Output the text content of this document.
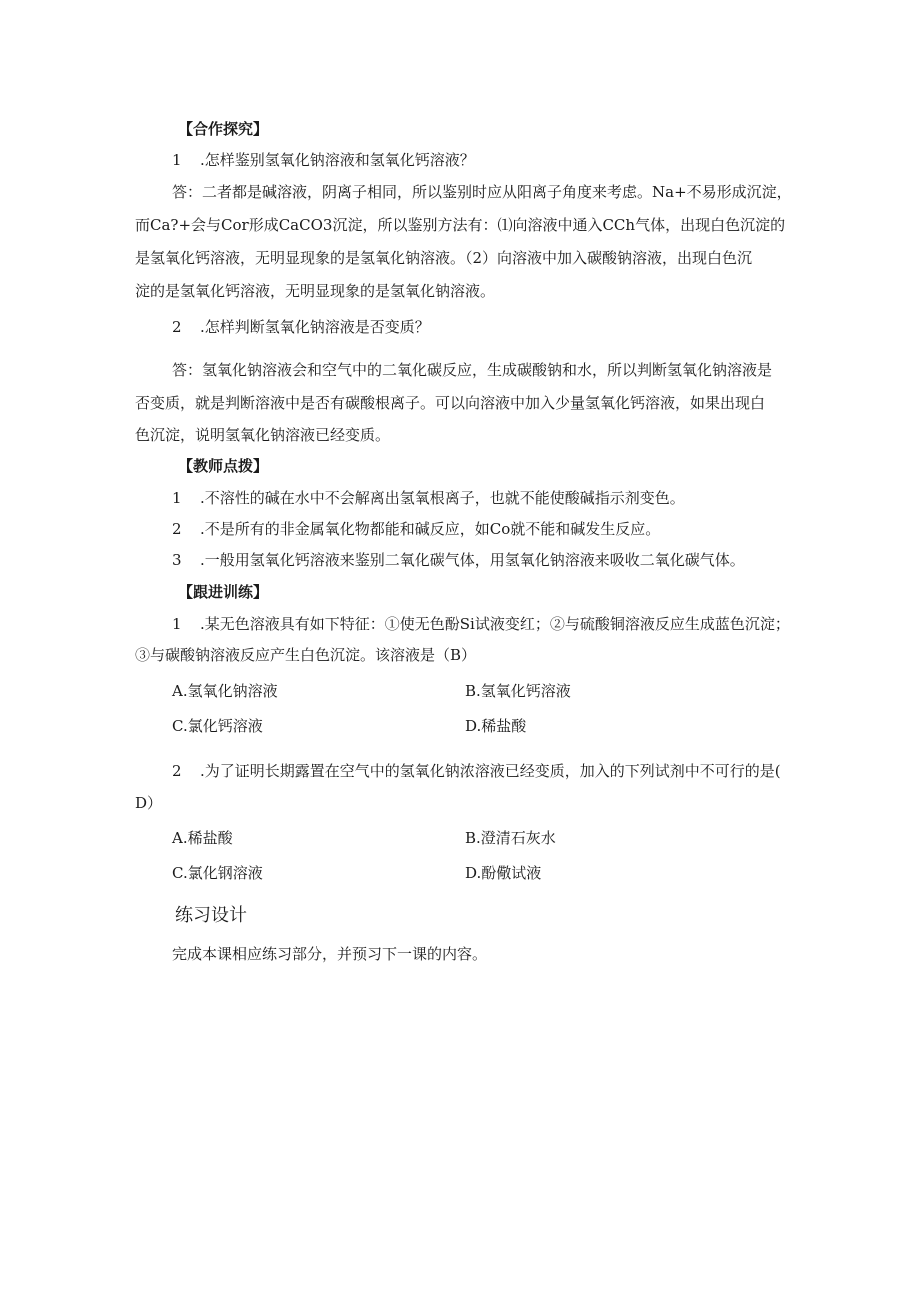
【合作探究】
1 .怎样鉴别氢氧化钠溶液和氢氧化钙溶液？
答：二者都是碱溶液，阴离子相同，所以鉴别时应从阳离子角度来考虑。Na+不易形成沉淀，
而Ca?+会与Cor形成CaCO3沉淀，所以鉴别方法有：⑴向溶液中通入CCh气体，出现白色沉淀的
是氢氧化钙溶液，无明显现象的是氢氧化钠溶液。（2）向溶液中加入碳酸钠溶液，出现白色沉
淀的是氢氧化钙溶液，无明显现象的是氢氧化钠溶液。
2 .怎样判断氢氧化钠溶液是否变质？
答：氢氧化钠溶液会和空气中的二氧化碳反应，生成碳酸钠和水，所以判断氢氧化钠溶液是
否变质，就是判断溶液中是否有碳酸根离子。可以向溶液中加入少量氢氧化钙溶液，如果出现白
色沉淀，说明氢氧化钠溶液已经变质。
【教师点拨】
1 .不溶性的碱在水中不会解离出氢氧根离子，也就不能使酸碱指示剂变色。
2 .不是所有的非金属氧化物都能和碱反应，如Co就不能和碱发生反应。
3 .一般用氢氧化钙溶液来鉴别二氧化碳气体，用氢氧化钠溶液来吸收二氧化碳气体。
【跟进训练】
1 .某无色溶液具有如下特征：①使无色酚Si试液变红；②与硫酸铜溶液反应生成蓝色沉淀；
③与碳酸钠溶液反应产生白色沉淀。该溶液是（B）
A.氢氧化钠溶液	B.氢氧化钙溶液
C.氯化钙溶液	D.稀盐酸
2 .为了证明长期露置在空气中的氢氧化钠浓溶液已经变质，加入的下列试剂中不可行的是(
D）
A.稀盐酸	B.澄清石灰水
C.氯化钢溶液	D.酚儆试液
练习设计
完成本课相应练习部分，并预习下一课的内容。
